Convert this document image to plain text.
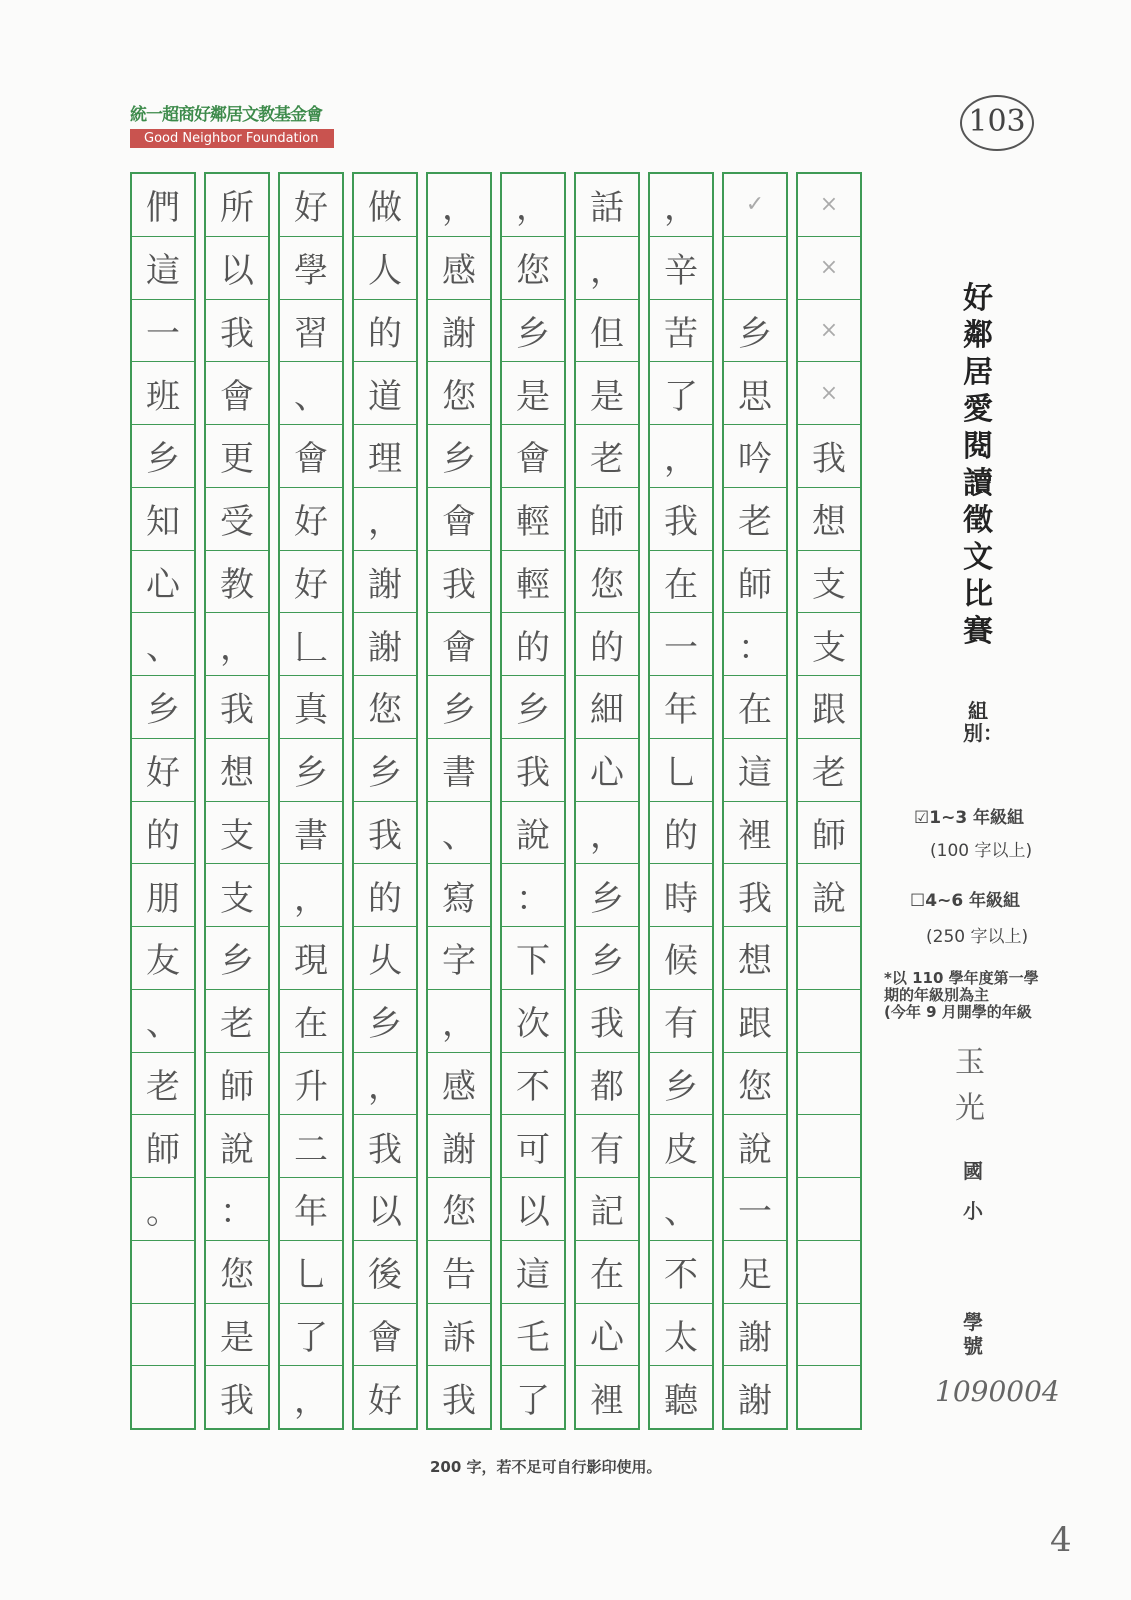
統一超商好鄰居文教基金會
Good Neighbor Foundation	103
×
×
×
×
我
想
支
支
跟
老
師
說
✓
乡
思
吟
老
師
：
在
這
裡
我
想
跟
您
說
一
足
謝
謝
，
辛
苦
了
，
我
在
一
年
乚
的
時
候
有
乡
皮
、
不
太
聽
話
，
但
是
老
師
您
的
細
心
，
乡
乡
我
都
有
記
在
心
裡
，
您
乡
是
會
輕
輕
的
乡
我
說
：
下
次
不
可
以
這
乇
了
，
感
謝
您
乡
會
我
會
乡
書
、
寫
字
，
感
謝
您
告
訴
我
做
人
的
道
理
，
謝
謝
您
乡
我
的
乆
乡
，
我
以
後
會
好
好
學
習
、
會
好
好
𠃊
真
乡
書
，
現
在
升
二
年
乚
了
，
所
以
我
會
更
受
教
，
我
想
支
支
乡
老
師
說
：
您
是
我
們
這
一
班
乡
知
心
、
乡
好
的
朋
友
、
老
師
。
好鄰居愛閱讀徵文比賽
組別：
☑1~3 年級組
(100 字以上)
☐4~6 年級組
(250 字以上)
*以 110 學年度第一學
期的年級別為主
(今年 9 月開學的年級
玉光
國
小
學號
1090004
200 字，若不足可自行影印使用。
4
